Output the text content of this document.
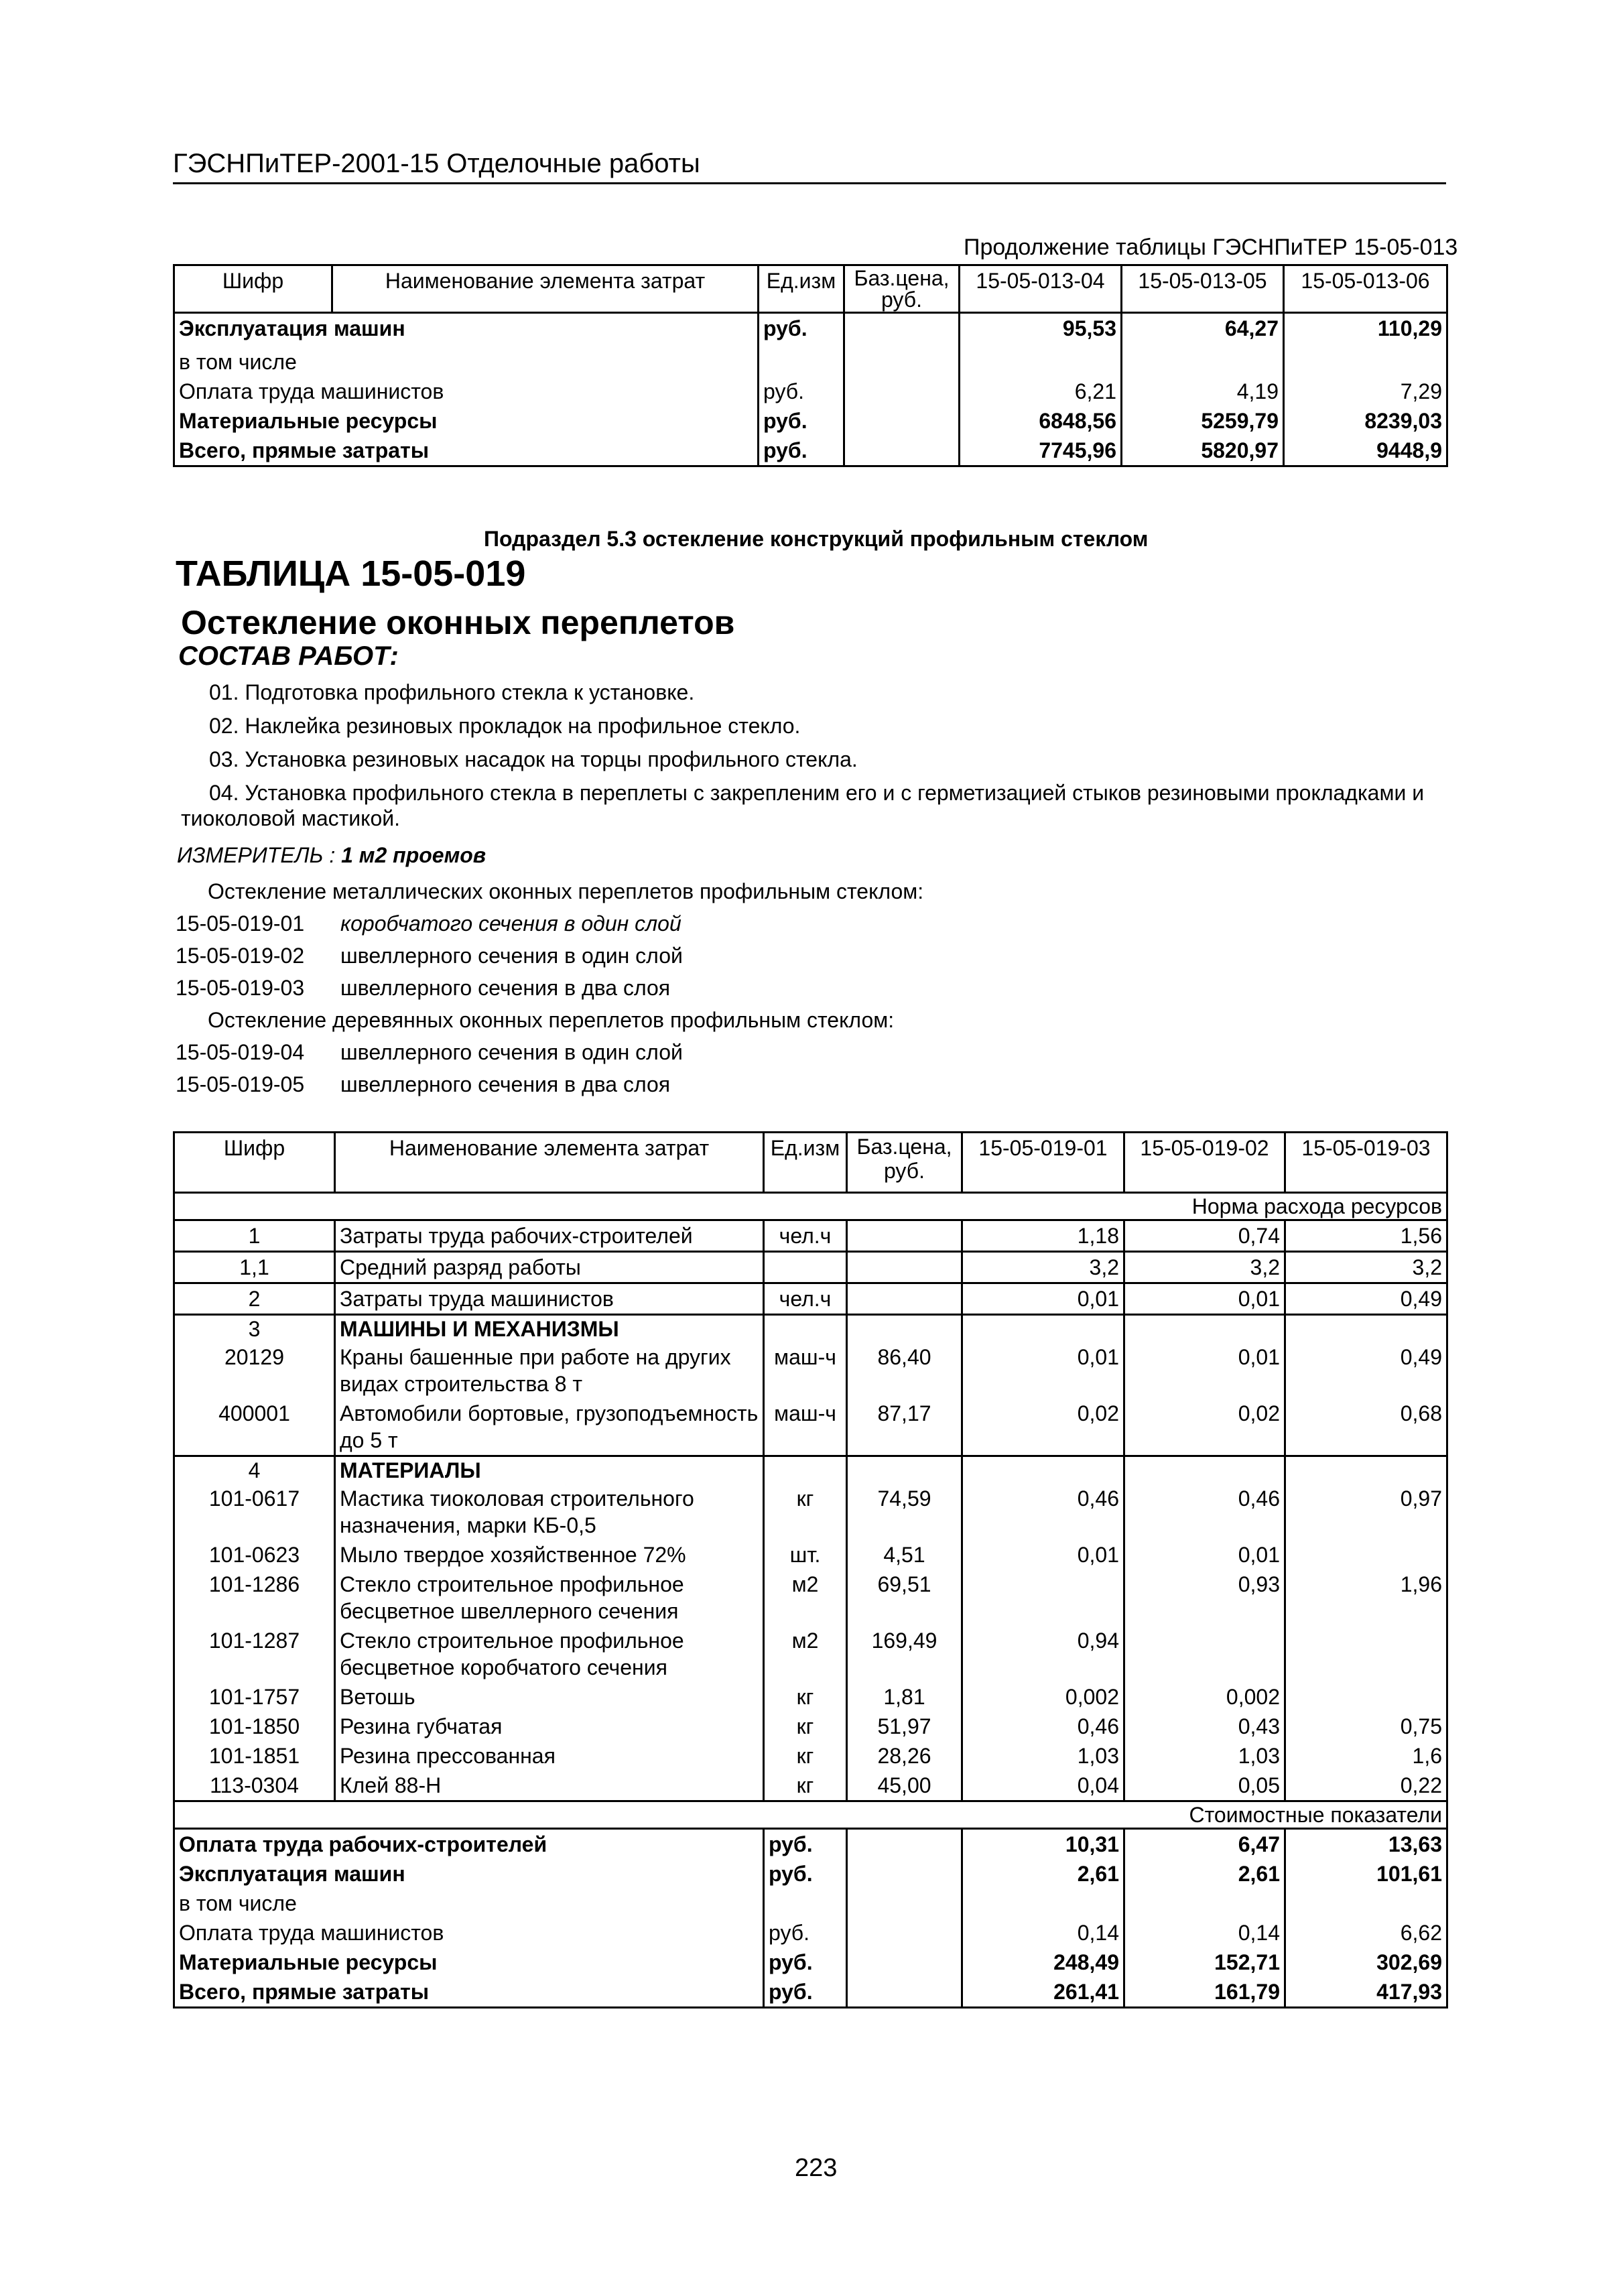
ГЭСНПиТЕР-2001-15 Отделочные работы
Продолжение таблицы ГЭСНПиТЕР 15-05-013
Шифр	Наименование элемента затрат	Ед.изм	Баз.цена, руб.	15-05-013-04	15-05-013-05	15-05-013-06
Эксплуатация машин		руб.		95,53	64,27	110,29
в том числе						
Оплата труда машинистов		руб.		6,21	4,19	7,29
Материальные ресурсы		руб.		6848,56	5259,79	8239,03
Всего, прямые затраты		руб.		7745,96	5820,97	9448,9
Подраздел 5.3 остекление конструкций профильным стеклом
ТАБЛИЦА 15-05-019
Остекление оконных переплетов
СОСТАВ РАБОТ:
01. Подготовка профильного стекла к установке.
02. Наклейка резиновых прокладок на профильное стекло.
03. Установка резиновых насадок на торцы профильного стекла.
04. Установка профильного стекла в переплеты с закрепленим его и с герметизацией стыков резиновыми прокладками и тиоколовой мастикой.
ИЗМЕРИТЕЛЬ : 1 м2 проемов
Остекление металлических оконных переплетов профильным стеклом:
15-05-019-01 коробчатого сечения в один слой
15-05-019-02 швеллерного сечения в один слой
15-05-019-03 швеллерного сечения в два слоя
Остекление деревянных оконных переплетов профильным стеклом:
15-05-019-04 швеллерного сечения в один слой
15-05-019-05 швеллерного сечения в два слоя
Шифр	Наименование элемента затрат	Ед.изм	Баз.цена, руб.	15-05-019-01	15-05-019-02	15-05-019-03
Норма расхода ресурсов						
1	Затраты труда рабочих-строителей	чел.ч		1,18	0,74	1,56
1,1	Средний разряд работы			3,2	3,2	3,2
2	Затраты труда машинистов	чел.ч		0,01	0,01	0,49
3	МАШИНЫ И МЕХАНИЗМЫ					
20129	Краны башенные при работе на других видах строительства 8 т	маш-ч	86,40	0,01	0,01	0,49
400001	Автомобили бортовые, грузоподъемность до 5 т	маш-ч	87,17	0,02	0,02	0,68
4	МАТЕРИАЛЫ					
101-0617	Мастика тиоколовая строительного назначения, марки КБ-0,5	кг	74,59	0,46	0,46	0,97
101-0623	Мыло твердое хозяйственное 72%	шт.	4,51	0,01	0,01	
101-1286	Стекло строительное профильное бесцветное швеллерного сечения	м2	69,51		0,93	1,96
101-1287	Стекло строительное профильное бесцветное коробчатого сечения	м2	169,49	0,94		
101-1757	Ветошь	кг	1,81	0,002	0,002	
101-1850	Резина губчатая	кг	51,97	0,46	0,43	0,75
101-1851	Резина прессованная	кг	28,26	1,03	1,03	1,6
113-0304	Клей 88-Н	кг	45,00	0,04	0,05	0,22
Стоимостные показатели						
Оплата труда рабочих-строителей		руб.		10,31	6,47	13,63
Эксплуатация машин		руб.		2,61	2,61	101,61
в том числе						
Оплата труда машинистов		руб.		0,14	0,14	6,62
Материальные ресурсы		руб.		248,49	152,71	302,69
Всего, прямые затраты		руб.		261,41	161,79	417,93
223
